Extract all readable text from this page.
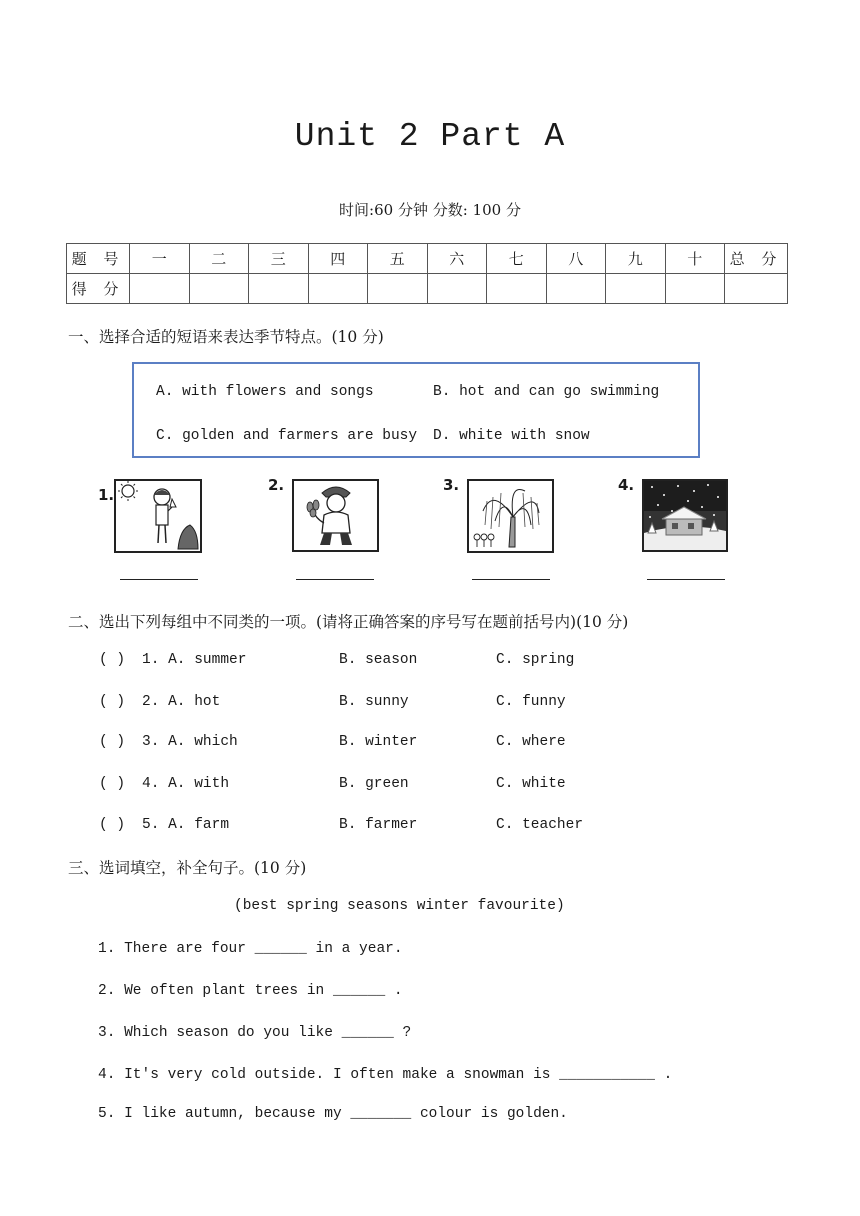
Unit 2 Part A
时间:60 分钟 分数: 100 分
题 号	一	二	三	四	五	六	七	八	九	十	总 分
得 分											
一、选择合适的短语来表达季节特点。(10 分)
A. with flowers and songs	B. hot and can go swimming
C. golden and farmers are busy D. white with snow
1.
2.	3.	4.
二、选出下列每组中不同类的一项。(请将正确答案的序号写在题前括号内)(10 分)
( ) 1. A. summer	B. season	C. spring
( ) 2. A. hot	B. sunny	C. funny
( ) 3. A. which	B. winter	C. where
( ) 4. A. with	B. green	C. white
( ) 5. A. farm	B. farmer	C. teacher
三、选词填空，补全句子。(10 分)
(best spring seasons winter favourite)
1. There are four ______ in a year.
2. We often plant trees in ______ .
3. Which season do you like ______ ?
4. It's very cold outside. I often make a snowman is ___________ .
5. I like autumn, because my _______ colour is golden.
